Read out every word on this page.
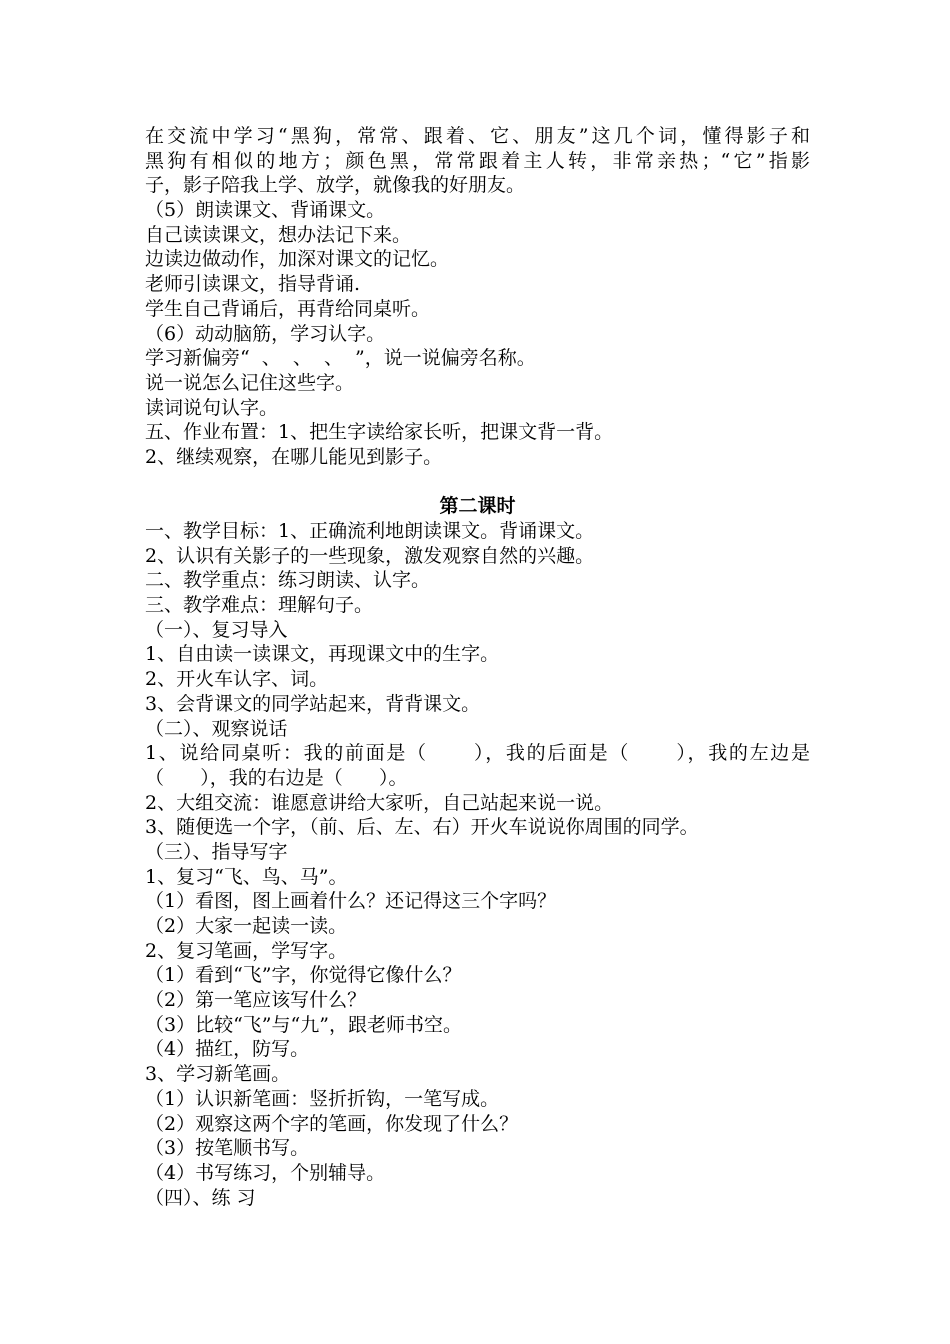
在交流中学习“黑狗，常常、跟着、它、朋友”这几个词，懂得影子和
黑狗有相似的地方；颜色黑，常常跟着主人转，非常亲热；“它”指影
子，影子陪我上学、放学，就像我的好朋友。
（5）朗读课文、背诵课文。
自己读读课文，想办法记下来。
边读边做动作，加深对课文的记忆。
老师引读课文，指导背诵.
学生自己背诵后，再背给同桌听。
（6）动动脑筋，学习认字。
学习新偏旁“  、  、  、  ”，说一说偏旁名称。
说一说怎么记住这些字。
读词说句认字。
五、作业布置：1、把生字读给家长听，把课文背一背。
2、继续观察，在哪儿能见到影子。
第二课时
一、教学目标：1、正确流利地朗读课文。背诵课文。
2、认识有关影子的一些现象，激发观察自然的兴趣。
二、教学重点：练习朗读、认字。
三、教学难点：理解句子。
（一）、复习导入
1、自由读一读课文，再现课文中的生字。
2、开火车认字、词。
3、会背课文的同学站起来，背背课文。
（二）、观察说话
1、说给同桌听：我的前面是（      ），我的后面是（      ），我的左边是
（      ），我的右边是（      ）。
2、大组交流：谁愿意讲给大家听，自己站起来说一说。
3、随便选一个字，（前、后、左、右）开火车说说你周围的同学。
（三）、指导写字
1、复习“飞、鸟、马”。
（1）看图，图上画着什么？还记得这三个字吗？
（2）大家一起读一读。
2、复习笔画，学写字。
（1）看到“飞”字，你觉得它像什么？
（2）第一笔应该写什么？
（3）比较“飞”与“九”，跟老师书空。
（4）描红，防写。
3、学习新笔画。
（1）认识新笔画：竖折折钩，一笔写成。
（2）观察这两个字的笔画，你发现了什么？
（3）按笔顺书写。
（4）书写练习，个别辅导。
（四）、练 习
